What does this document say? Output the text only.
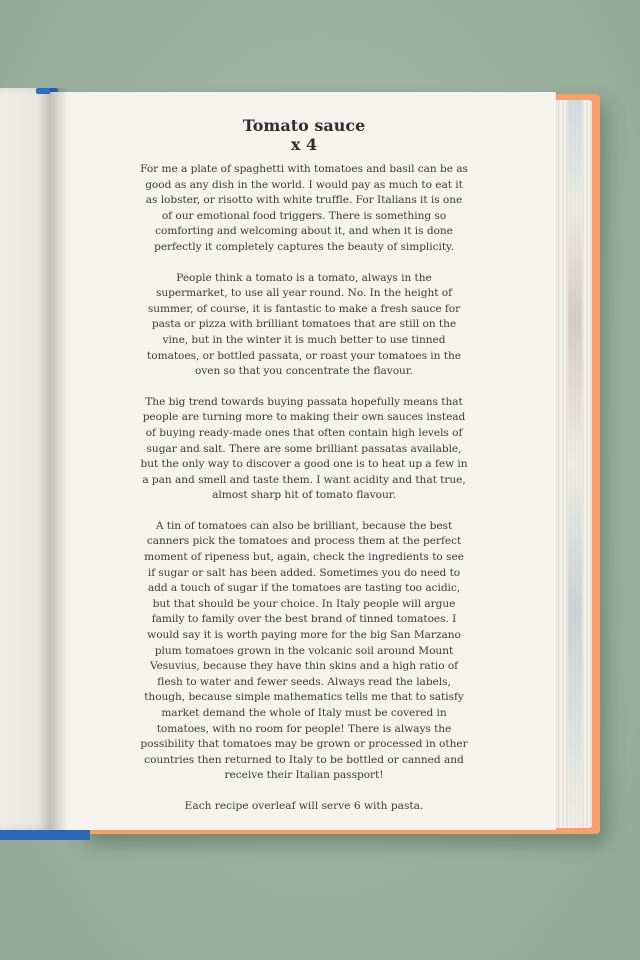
Tomato sauce
x 4

For me a plate of spaghetti with tomatoes and basil can be as good as any dish in the world. I would pay as much to eat it as lobster, or risotto with white truffle. For Italians it is one of our emotional food triggers. There is something so comforting and welcoming about it, and when it is done perfectly it completely captures the beauty of simplicity.

People think a tomato is a tomato, always in the supermarket, to use all year round. No. In the height of summer, of course, it is fantastic to make a fresh sauce for pasta or pizza with brilliant tomatoes that are still on the vine, but in the winter it is much better to use tinned tomatoes, or bottled passata, or roast your tomatoes in the oven so that you concentrate the flavour.

The big trend towards buying passata hopefully means that people are turning more to making their own sauces instead of buying ready-made ones that often contain high levels of sugar and salt. There are some brilliant passatas available, but the only way to discover a good one is to heat up a few in a pan and smell and taste them. I want acidity and that true, almost sharp hit of tomato flavour.

A tin of tomatoes can also be brilliant, because the best canners pick the tomatoes and process them at the perfect moment of ripeness but, again, check the ingredients to see if sugar or salt has been added. Sometimes you do need to add a touch of sugar if the tomatoes are tasting too acidic, but that should be your choice. In Italy people will argue family to family over the best brand of tinned tomatoes. I would say it is worth paying more for the big San Marzano plum tomatoes grown in the volcanic soil around Mount Vesuvius, because they have thin skins and a high ratio of flesh to water and fewer seeds. Always read the labels, though, because simple mathematics tells me that to satisfy market demand the whole of Italy must be covered in tomatoes, with no room for people! There is always the possibility that tomatoes may be grown or processed in other countries then returned to Italy to be bottled or canned and receive their Italian passport!

Each recipe overleaf will serve 6 with pasta.
